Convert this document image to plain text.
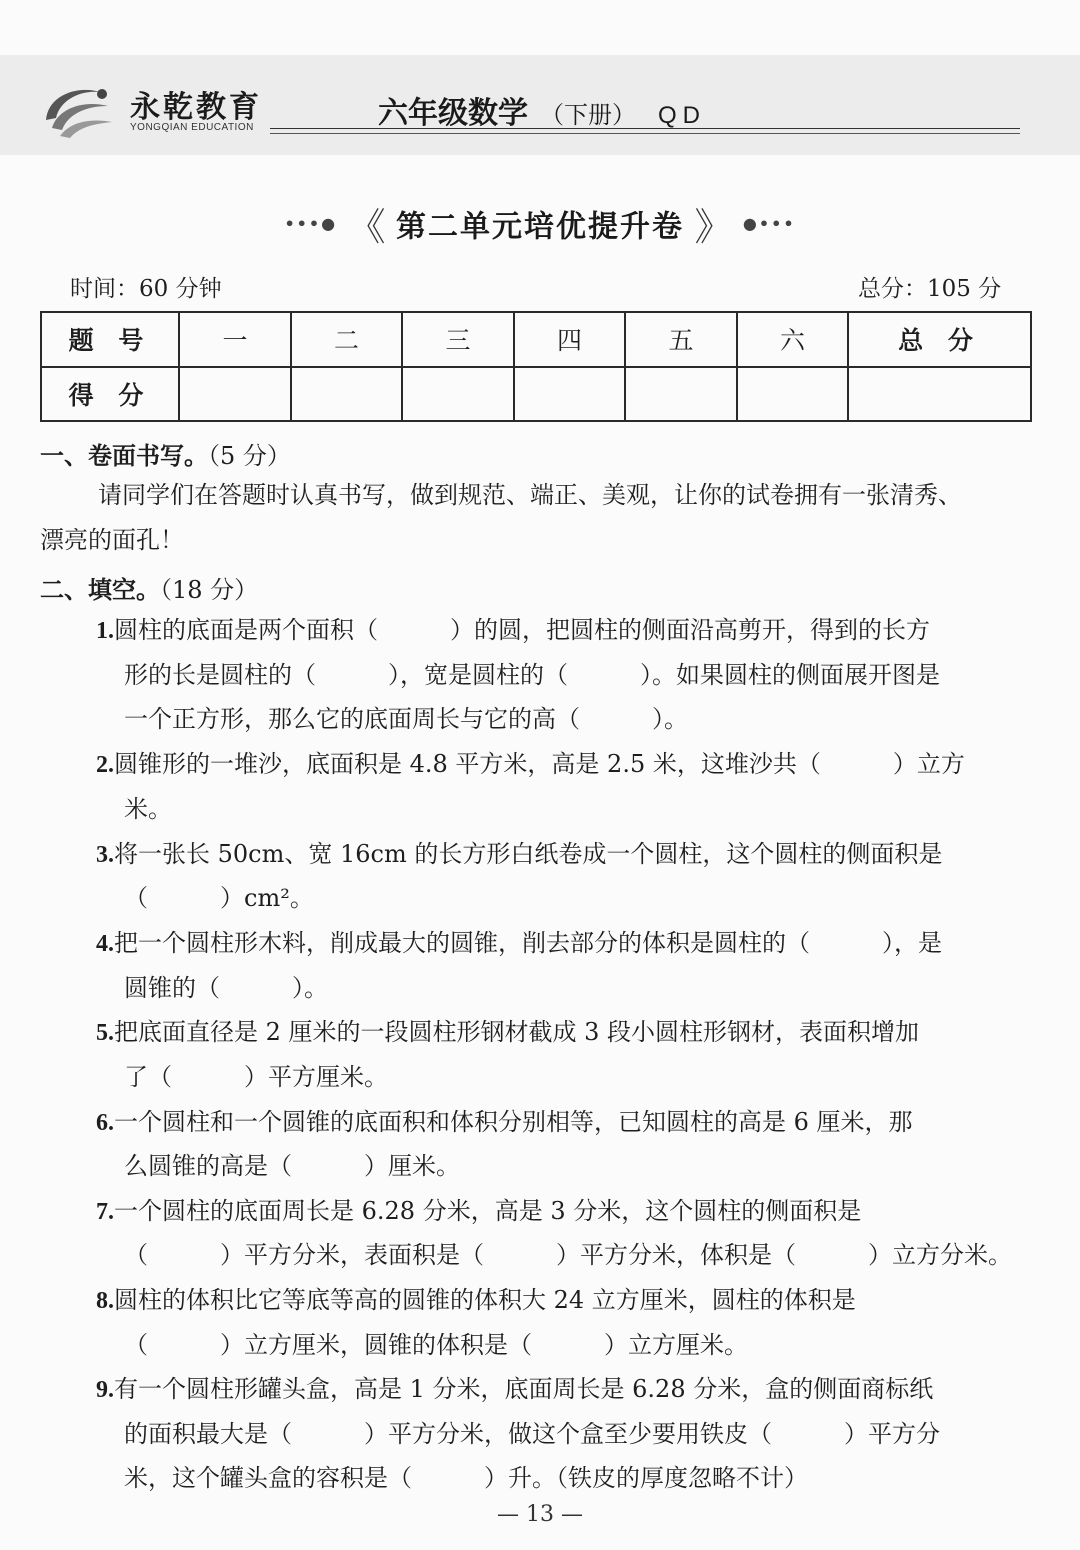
永乾教育
YONGQIAN EDUCATION	六年级数学 （下册） QD
•••● 《 第二单元培优提升卷 》 ●•••
时间：60 分钟	总分：105 分
题 号	一	二	三	四	五	六	总 分
得 分							
一、卷面书写。（5 分）
请同学们在答题时认真书写，做到规范、端正、美观，让你的试卷拥有一张清秀、
漂亮的面孔！
二、填空。（18 分）
1.圆柱的底面是两个面积（　　　）的圆，把圆柱的侧面沿高剪开，得到的长方
形的长是圆柱的（　　　），宽是圆柱的（　　　）。如果圆柱的侧面展开图是
一个正方形，那么它的底面周长与它的高（　　　）。
2.圆锥形的一堆沙，底面积是 4.8 平方米，高是 2.5 米，这堆沙共（　　　）立方
米。
3.将一张长 50cm、宽 16cm 的长方形白纸卷成一个圆柱，这个圆柱的侧面积是
（　　　）cm²。
4.把一个圆柱形木料，削成最大的圆锥，削去部分的体积是圆柱的（　　　），是
圆锥的（　　　）。
5.把底面直径是 2 厘米的一段圆柱形钢材截成 3 段小圆柱形钢材，表面积增加
了（　　　）平方厘米。
6.一个圆柱和一个圆锥的底面积和体积分别相等，已知圆柱的高是 6 厘米，那
么圆锥的高是（　　　）厘米。
7.一个圆柱的底面周长是 6.28 分米，高是 3 分米，这个圆柱的侧面积是
（　　　）平方分米，表面积是（　　　）平方分米，体积是（　　　）立方分米。
8.圆柱的体积比它等底等高的圆锥的体积大 24 立方厘米，圆柱的体积是
（　　　）立方厘米，圆锥的体积是（　　　）立方厘米。
9.有一个圆柱形罐头盒，高是 1 分米，底面周长是 6.28 分米，盒的侧面商标纸
的面积最大是（　　　）平方分米，做这个盒至少要用铁皮（　　　）平方分
米，这个罐头盒的容积是（　　　）升。（铁皮的厚度忽略不计）
— 13 —
